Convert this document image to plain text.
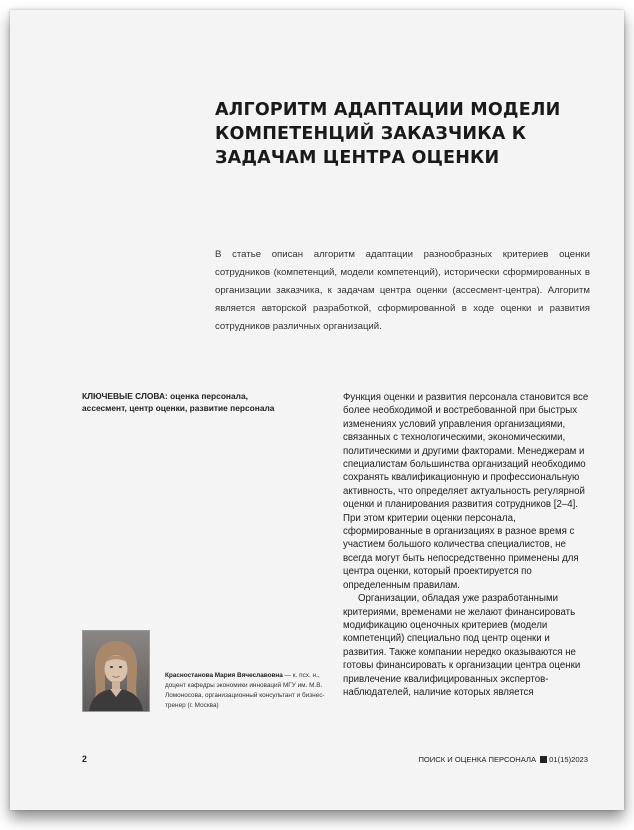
АЛГОРИТМ АДАПТАЦИИ МОДЕЛИ КОМПЕТЕНЦИЙ ЗАКАЗЧИКА К ЗАДАЧАМ ЦЕНТРА ОЦЕНКИ

В статье описан алгоритм адаптации разнообразных критериев оценки сотрудников (компетенций, модели компетенций), исторически сформированных в организации заказчика, к задачам центра оценки (ассесмент-центра). Алгоритм является авторской разработкой, сформированной в ходе оценки и развития сотрудников различных организаций.

КЛЮЧЕВЫЕ СЛОВА: оценка персонала, ассесмент, центр оценки, развитие персонала

Функция оценки и развития персонала становится все более необходимой и востребованной при быстрых изменениях условий управления организациями, связанных с технологическими, экономическими, политическими и другими факторами. Менеджерам и специалистам большинства организаций необходимо сохранять квалификационную и профессиональную активность, что определяет актуальность регулярной оценки и планирования развития сотрудников [2–4]. При этом критерии оценки персонала, сформированные в организациях в разное время с участием большого количества специалистов, не всегда могут быть непосредственно применены для центра оценки, который проектируется по определенным правилам.

Организации, обладая уже разработанными критериями, временами не желают финансировать модификацию оценочных критериев (модели компетенций) специально под центр оценки и развития. Также компании нередко оказываются не готовы финансировать к организации центра оценки привлечение квалифицированных экспертов-наблюдателей, наличие которых является

Красностанова Мария Вячеславовна — к. псх. н., доцент кафедры экономики инноваций МГУ им. М.В. Ломоносова, организационный консультант и бизнес-тренер (г. Москва)

2	ПОИСК И ОЦЕНКА ПЕРСОНАЛА 01(15)2023
